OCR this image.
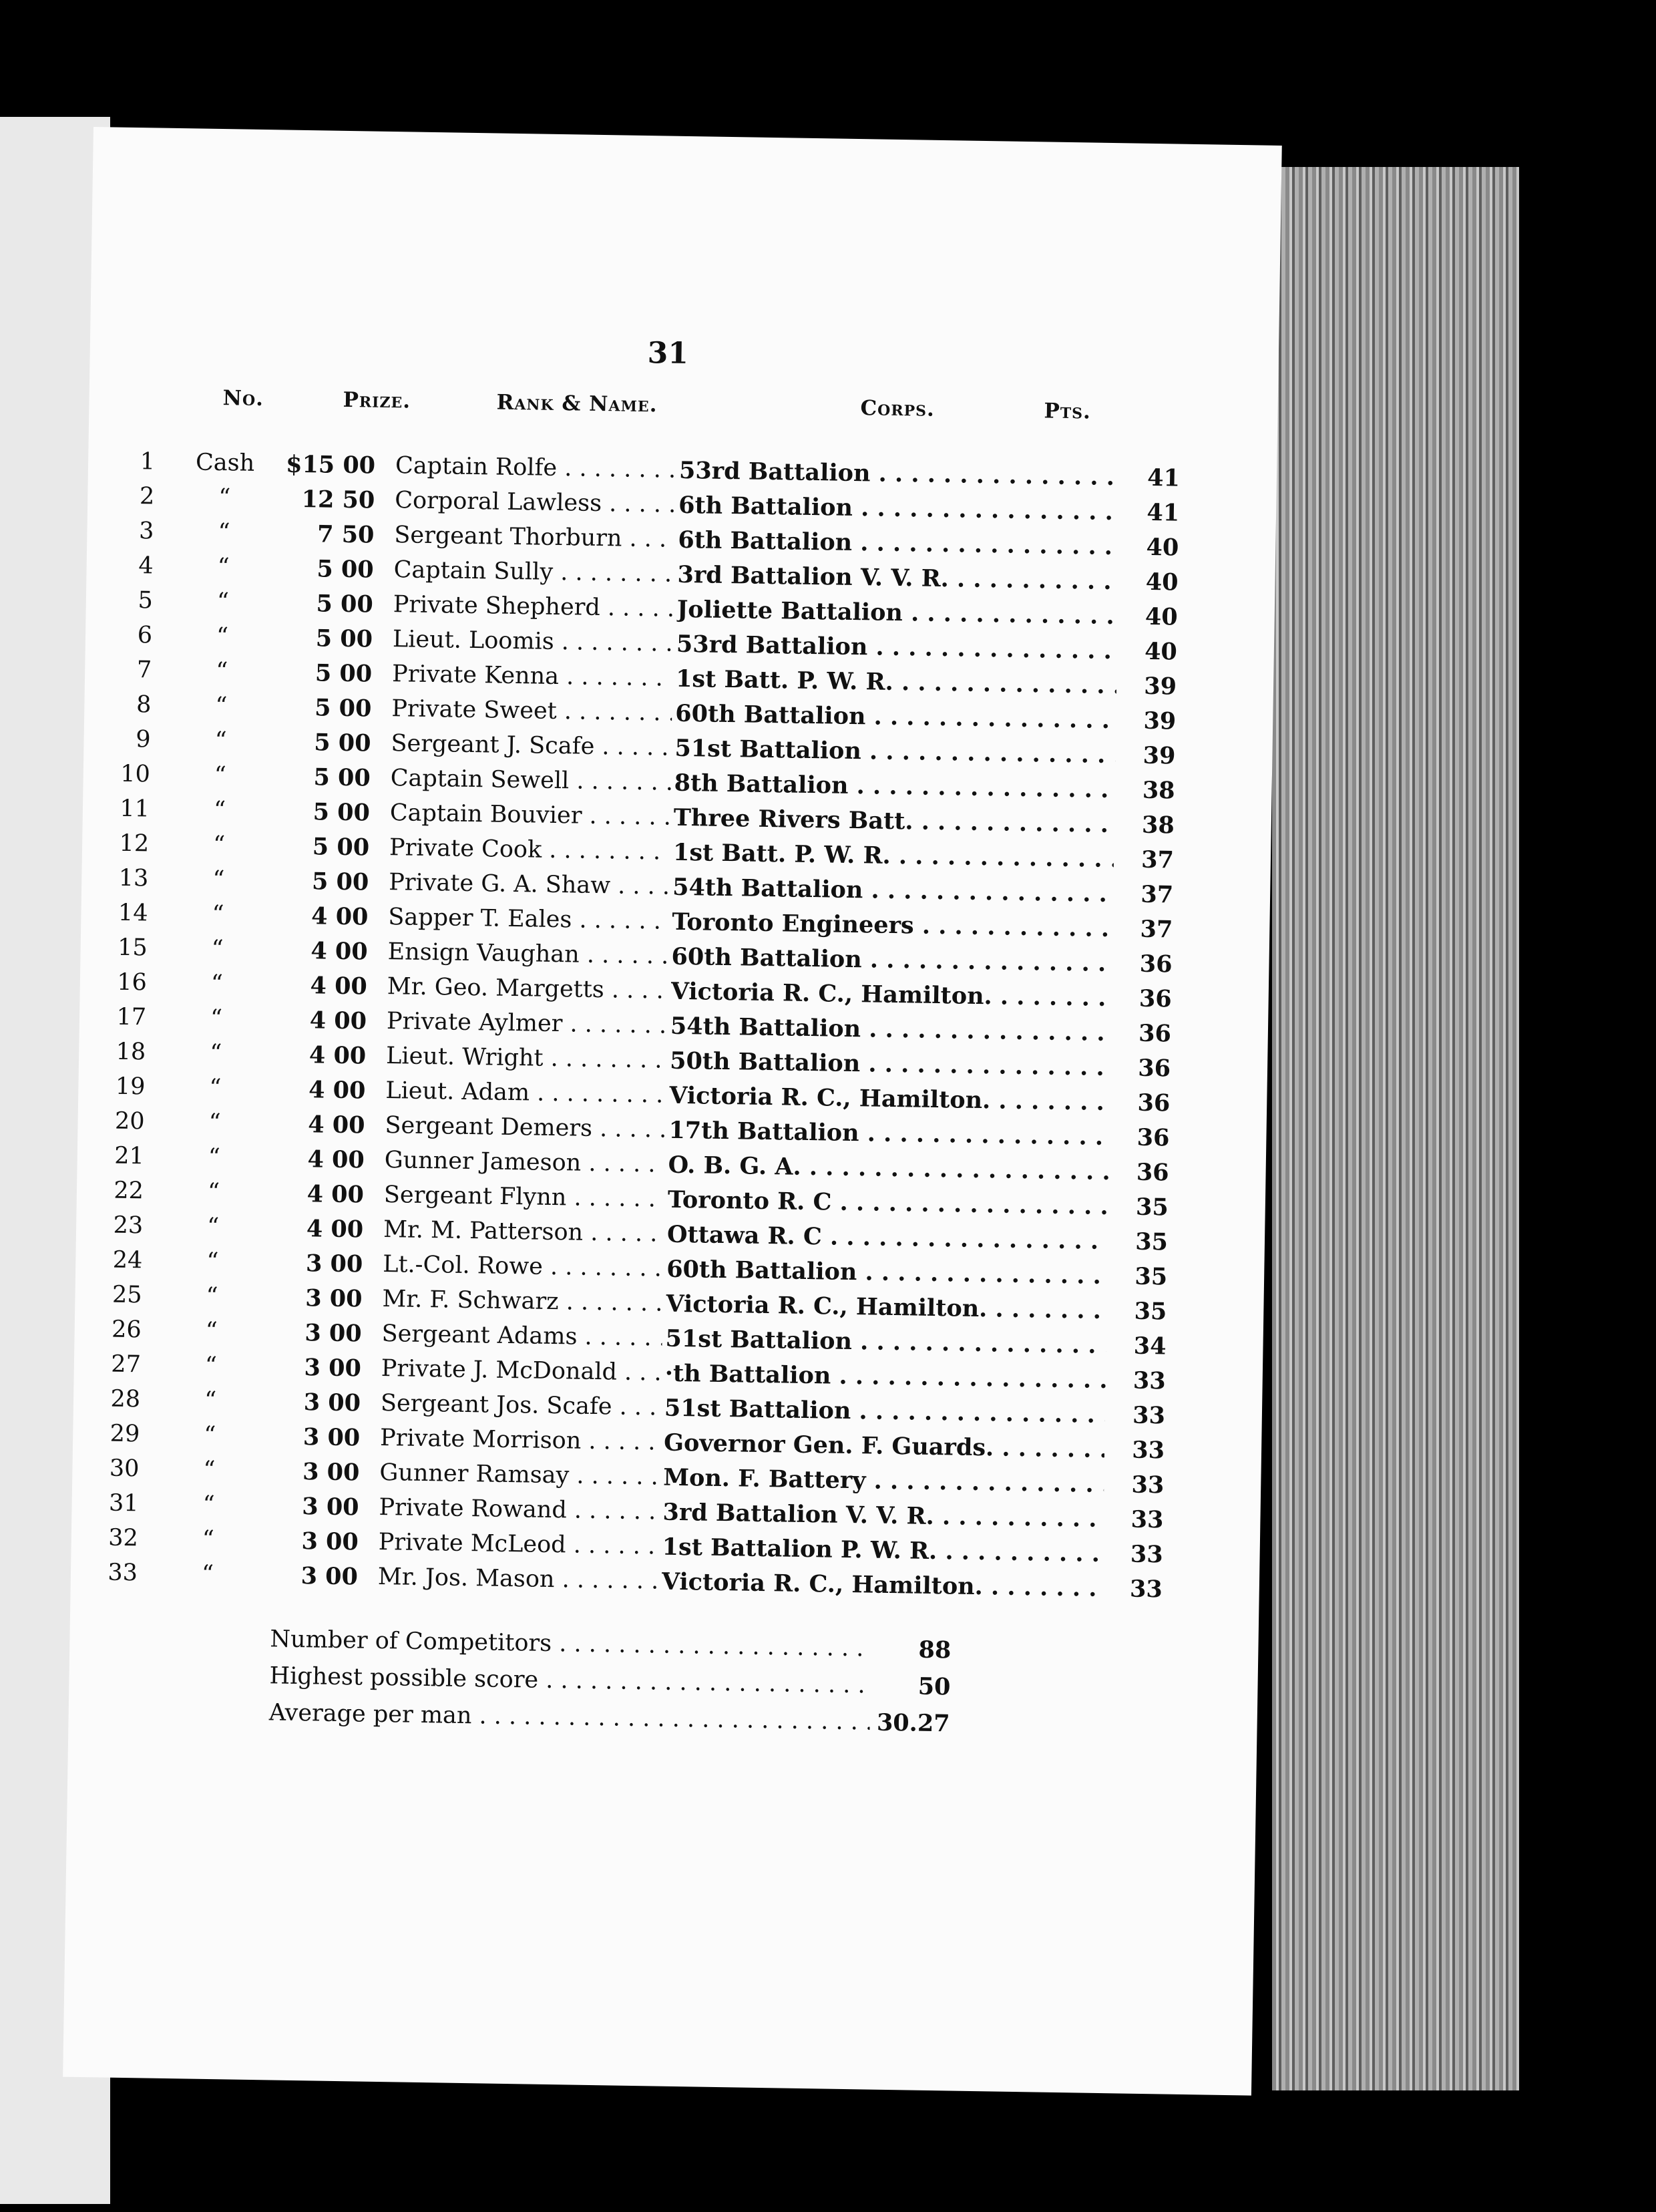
31
No.	Prize.	Rank & Name.	Corps.	Pts.
1	Cash	$15 00 Captain Rolfe . . .	53rd Battalion . . .	41
2	“	12 50 Corporal Lawless . . .	6th Battalion . . .	41
3	“	7 50 Sergeant Thorburn . . .	6th Battalion . . .	40
4	“	5 00 Captain Sully . . .	3rd Battalion V. V. R. . . .	40
5	“	5 00 Private Shepherd . . .	Joliette Battalion . . .	40
6	“	5 00 Lieut. Loomis . . .	53rd Battalion . . .	40
7	“	5 00 Private Kenna . . .	1st Batt. P. W. R. . . .	39
8	“	5 00 Private Sweet . . .	60th Battalion . . .	39
9	“	5 00 Sergeant J. Scafe . . .	51st Battalion . . .	39
10	“	5 00 Captain Sewell . . .	8th Battalion . . .	38
11	“	5 00 Captain Bouvier . . .	Three Rivers Batt. . . .	38
12	“	5 00 Private Cook . . .	1st Batt. P. W. R. . . .	37
13	“	5 00 Private G. A. Shaw . . .	54th Battalion . . .	37
14	“	4 00 Sapper T. Eales . . .	Toronto Engineers . . .	37
15	“	4 00 Ensign Vaughan . . .	60th Battalion . . .	36
16	“	4 00 Mr. Geo. Margetts . . .	Victoria R. C., Hamilton. . . .	36
17	“	4 00 Private Aylmer . . .	54th Battalion . . .	36
18	“	4 00 Lieut. Wright . . .	50th Battalion . . .	36
19	“	4 00 Lieut. Adam . . .	Victoria R. C., Hamilton. . . .	36
20	“	4 00 Sergeant Demers . . .	17th Battalion . . .	36
21	“	4 00 Gunner Jameson . . .	O. B. G. A. . . .	36
22	“	4 00 Sergeant Flynn . . .	Toronto R. C . . .	35
23	“	4 00 Mr. M. Patterson . . .	Ottawa R. C . . .	35
24	“	3 00 Lt.-Col. Rowe . . .	60th Battalion . . .	35
25	“	3 00 Mr. F. Schwarz . . .	Victoria R. C., Hamilton. . . .	35
26	“	3 00 Sergeant Adams . . .	51st Battalion . . .	34
27	“	3 00 Private J. McDonald . . .	·th Battalion . . .	33
28	“	3 00 Sergeant Jos. Scafe . . .	51st Battalion . . .	33
29	“	3 00 Private Morrison . . .	Governor Gen. F. Guards. . . .	33
30	“	3 00 Gunner Ramsay . . .	Mon. F. Battery . . .	33
31	“	3 00 Private Rowand . . .	3rd Battalion V. V. R. . . .	33
32	“	3 00 Private McLeod . . .	1st Battalion P. W. R. . . .	33
33	“	3 00 Mr. Jos. Mason . . .	Victoria R. C., Hamilton. . . .	33
Number of Competitors . . .	88
Highest possible score . . .	50
Average per man . . .	30.27
